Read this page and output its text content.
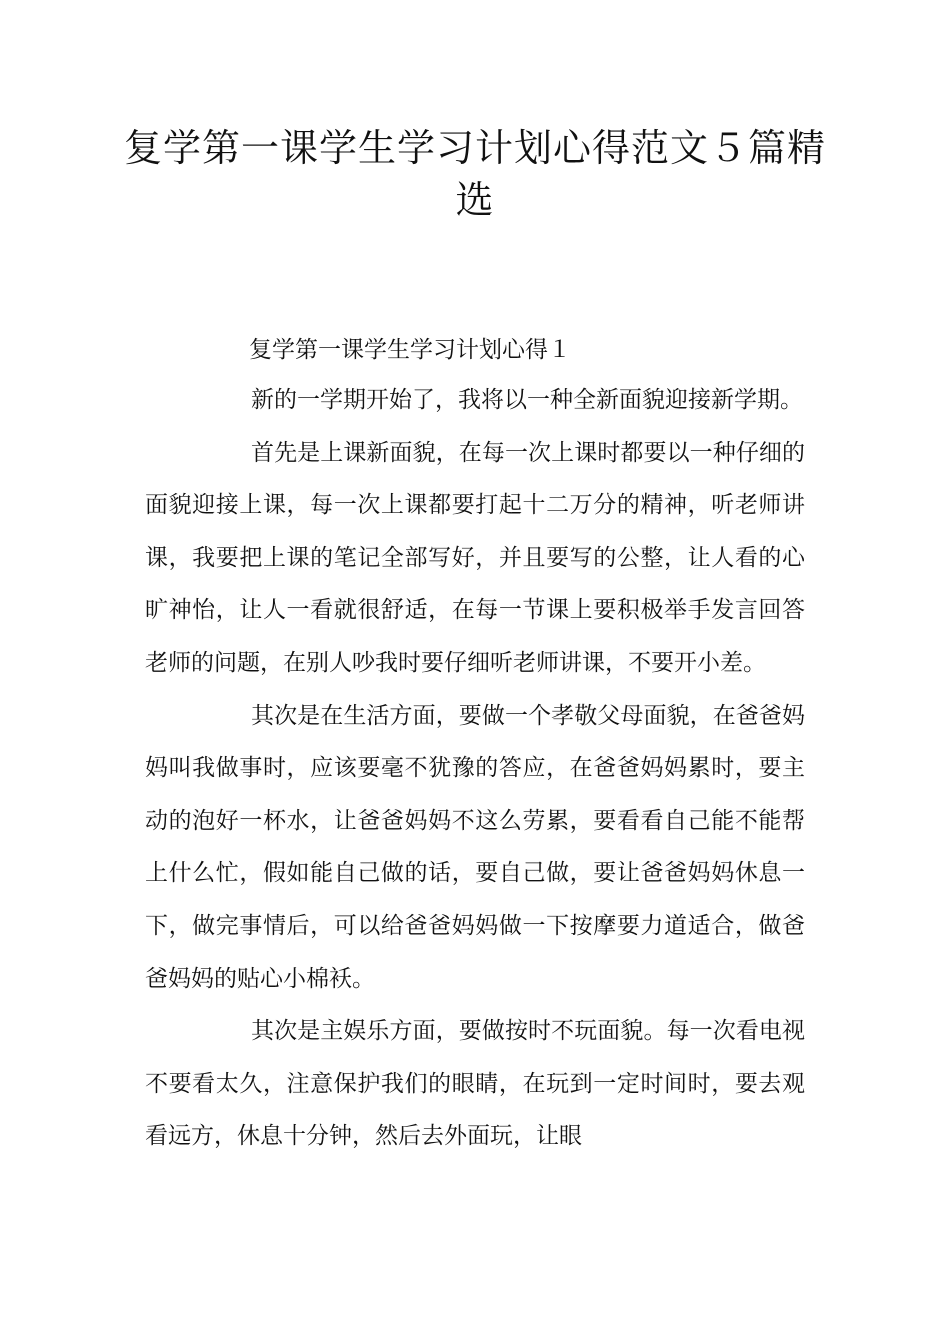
复学第一课学生学习计划心得范文５篇精选

复学第一课学生学习计划心得１

新的一学期开始了，我将以一种全新面貌迎接新学期。

首先是上课新面貌，在每一次上课时都要以一种仔细的面貌迎接上课，每一次上课都要打起十二万分的精神，听老师讲课，我要把上课的笔记全部写好，并且要写的公整，让人看的心旷神怡，让人一看就很舒适，在每一节课上要积极举手发言回答老师的问题，在别人吵我时要仔细听老师讲课，不要开小差。

其次是在生活方面，要做一个孝敬父母面貌，在爸爸妈妈叫我做事时，应该要毫不犹豫的答应，在爸爸妈妈累时，要主动的泡好一杯水，让爸爸妈妈不这么劳累，要看看自己能不能帮上什么忙，假如能自己做的话，要自己做，要让爸爸妈妈休息一下，做完事情后，可以给爸爸妈妈做一下按摩要力道适合，做爸爸妈妈的贴心小棉袄。

其次是主娱乐方面，要做按时不玩面貌。每一次看电视不要看太久，注意保护我们的眼睛，在玩到一定时间时，要去观看远方，休息十分钟，然后去外面玩，让眼
